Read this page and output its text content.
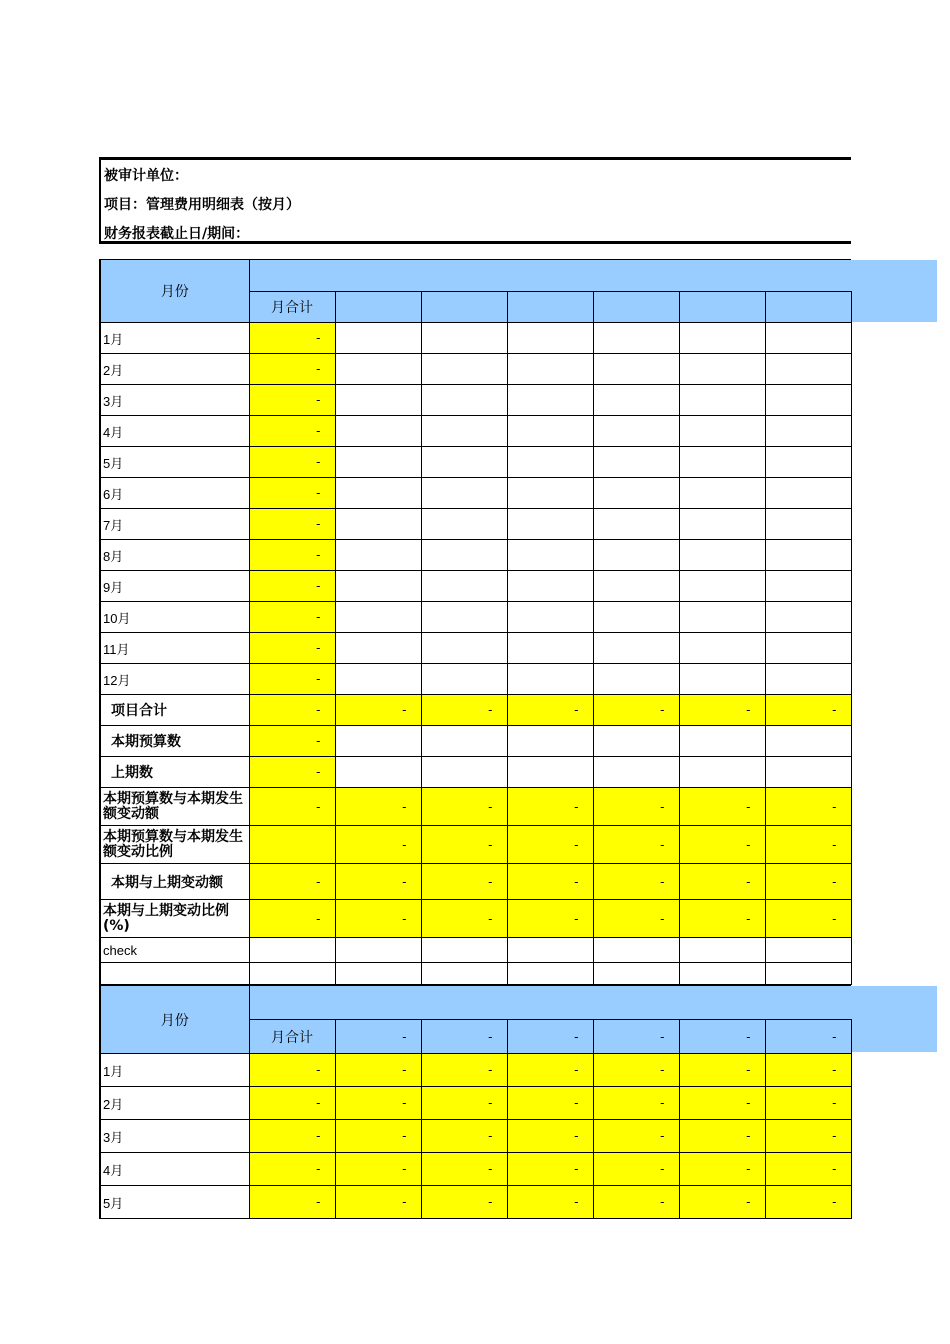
被审计单位：
项目：管理费用明细表（按月）
财务报表截止日/期间：
月份							
	月合计						
1月	-						
2月	-						
3月	-						
4月	-						
5月	-						
6月	-						
7月	-						
8月	-						
9月	-						
10月	-						
11月	-						
12月	-						
项目合计	-	-	-	-	-	-	-
本期预算数	-						
上期数	-						
本期预算数与本期发生额变动额	-	-	-	-	-	-	-
本期预算数与本期发生额变动比例		-	-	-	-	-	-
本期与上期变动额	-	-	-	-	-	-	-
本期与上期变动比例(%)	-	-	-	-	-	-	-
check							

月份							
	月合计	-	-	-	-	-	-
1月	-	-	-	-	-	-	-
2月	-	-	-	-	-	-	-
3月	-	-	-	-	-	-	-
4月	-	-	-	-	-	-	-
5月	-	-	-	-	-	-	-
